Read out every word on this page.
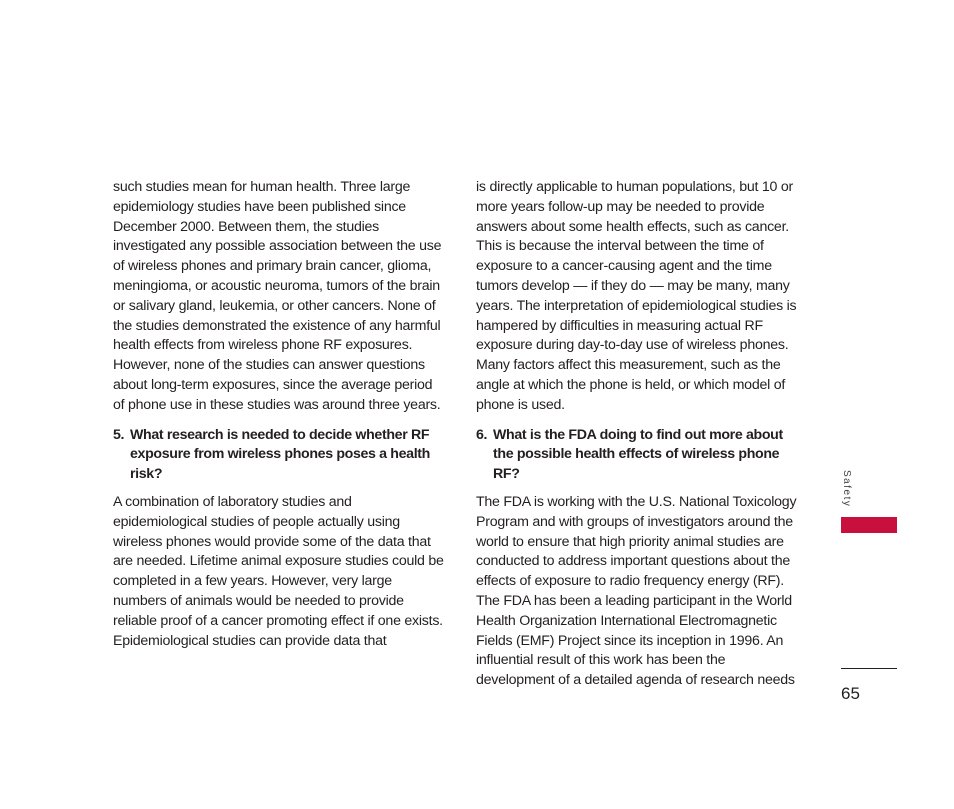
such studies mean for human health. Three large epidemiology studies have been published since December 2000. Between them, the studies investigated any possible association between the use of wireless phones and primary brain cancer, glioma, meningioma, or acoustic neuroma, tumors of the brain or salivary gland, leukemia, or other cancers. None of the studies demonstrated the existence of any harmful health effects from wireless phone RF exposures. However, none of the studies can answer questions about long-term exposures, since the average period of phone use in these studies was around three years.

5. What research is needed to decide whether RF exposure from wireless phones poses a health risk?

A combination of laboratory studies and epidemiological studies of people actually using wireless phones would provide some of the data that are needed. Lifetime animal exposure studies could be completed in a few years. However, very large numbers of animals would be needed to provide reliable proof of a cancer promoting effect if one exists. Epidemiological studies can provide data that

is directly applicable to human populations, but 10 or more years follow-up may be needed to provide answers about some health effects, such as cancer. This is because the interval between the time of exposure to a cancer-causing agent and the time tumors develop — if they do — may be many, many years. The interpretation of epidemiological studies is hampered by difficulties in measuring actual RF exposure during day-to-day use of wireless phones. Many factors affect this measurement, such as the angle at which the phone is held, or which model of phone is used.

6. What is the FDA doing to find out more about the possible health effects of wireless phone RF?

The FDA is working with the U.S. National Toxicology Program and with groups of investigators around the world to ensure that high priority animal studies are conducted to address important questions about the effects of exposure to radio frequency energy (RF). The FDA has been a leading participant in the World Health Organization International Electromagnetic Fields (EMF) Project since its inception in 1996. An influential result of this work has been the development of a detailed agenda of research needs

Safety
65
